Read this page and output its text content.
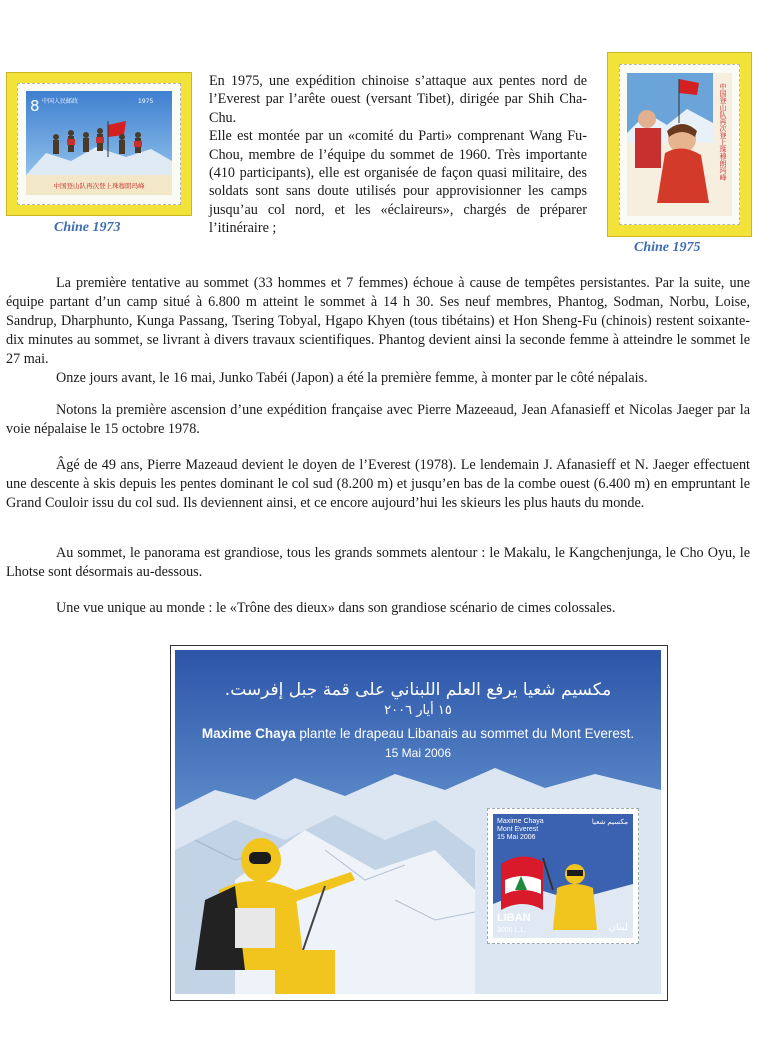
8 中国人民邮政	1975
中国登山队再次登上珠穆朗玛峰
Chine 1973

En 1975, une expédition chinoise s’attaque aux pentes nord de l’Everest par l’arête ouest (versant Tibet), dirigée par Shih Cha-Chu.

Elle est montée par un «comité du Parti» comprenant Wang Fu-Chou, membre de l’équipe du sommet de 1960. Très importante (410 participants), elle est organisée de façon quasi militaire, des soldats sont sans doute utilisés pour approvisionner les camps jusqu’au col nord, et les «éclaireurs», chargés de préparer l’itinéraire ;

中国登山队再次登上珠穆朗玛峰
Chine 1975

La première tentative au sommet (33 hommes et 7 femmes) échoue à cause de tempêtes persistantes. Par la suite, une équipe partant d’un camp situé à 6.800 m atteint le sommet à 14 h 30. Ses neuf membres, Phantog, Sodman, Norbu, Loise, Sandrup, Dharphunto, Kunga Passang, Tsering Tobyal, Hgapo Khyen (tous tibétains) et Hon Sheng-Fu (chinois) restent soixante-dix minutes au sommet, se livrant à divers travaux scientifiques. Phantog devient ainsi la seconde femme à atteindre le sommet le 27 mai.

Onze jours avant, le 16 mai, Junko Tabéi (Japon) a été la première femme, à monter par le côté népalais.

Notons la première ascension d’une expédition française avec Pierre Mazeeaud, Jean Afanasieff et Nicolas Jaeger par la voie népalaise le 15 octobre 1978.

Âgé de 49 ans, Pierre Mazeaud devient le doyen de l’Everest (1978). Le lendemain J. Afanasieff et N. Jaeger effectuent une descente à skis depuis les pentes dominant le col sud (8.200 m) et jusqu’en bas de la combe ouest (6.400 m) en empruntant le Grand Couloir issu du col sud. Ils deviennent ainsi, et ce encore aujourd’hui les skieurs les plus hauts du monde.

Au sommet, le panorama est grandiose, tous les grands sommets alentour : le Makalu, le Kangchenjunga, le Cho Oyu, le Lhotse sont désormais au-dessous.

Une vue unique au monde : le «Trône des dieux» dans son grandiose scénario de cimes colossales.

مكسيم شعيا يرفع العلم اللبناني على قمة جبل إفرست.
١٥ أيار ٢٠٠٦
Maxime Chaya plante le drapeau Libanais au sommet du Mont Everest.
15 Mai 2006
Maxime Chaya
Mont Everest
15 Mai 2006
مكسيم شعيا
LIBAN
3000 L.L.	لبنان
